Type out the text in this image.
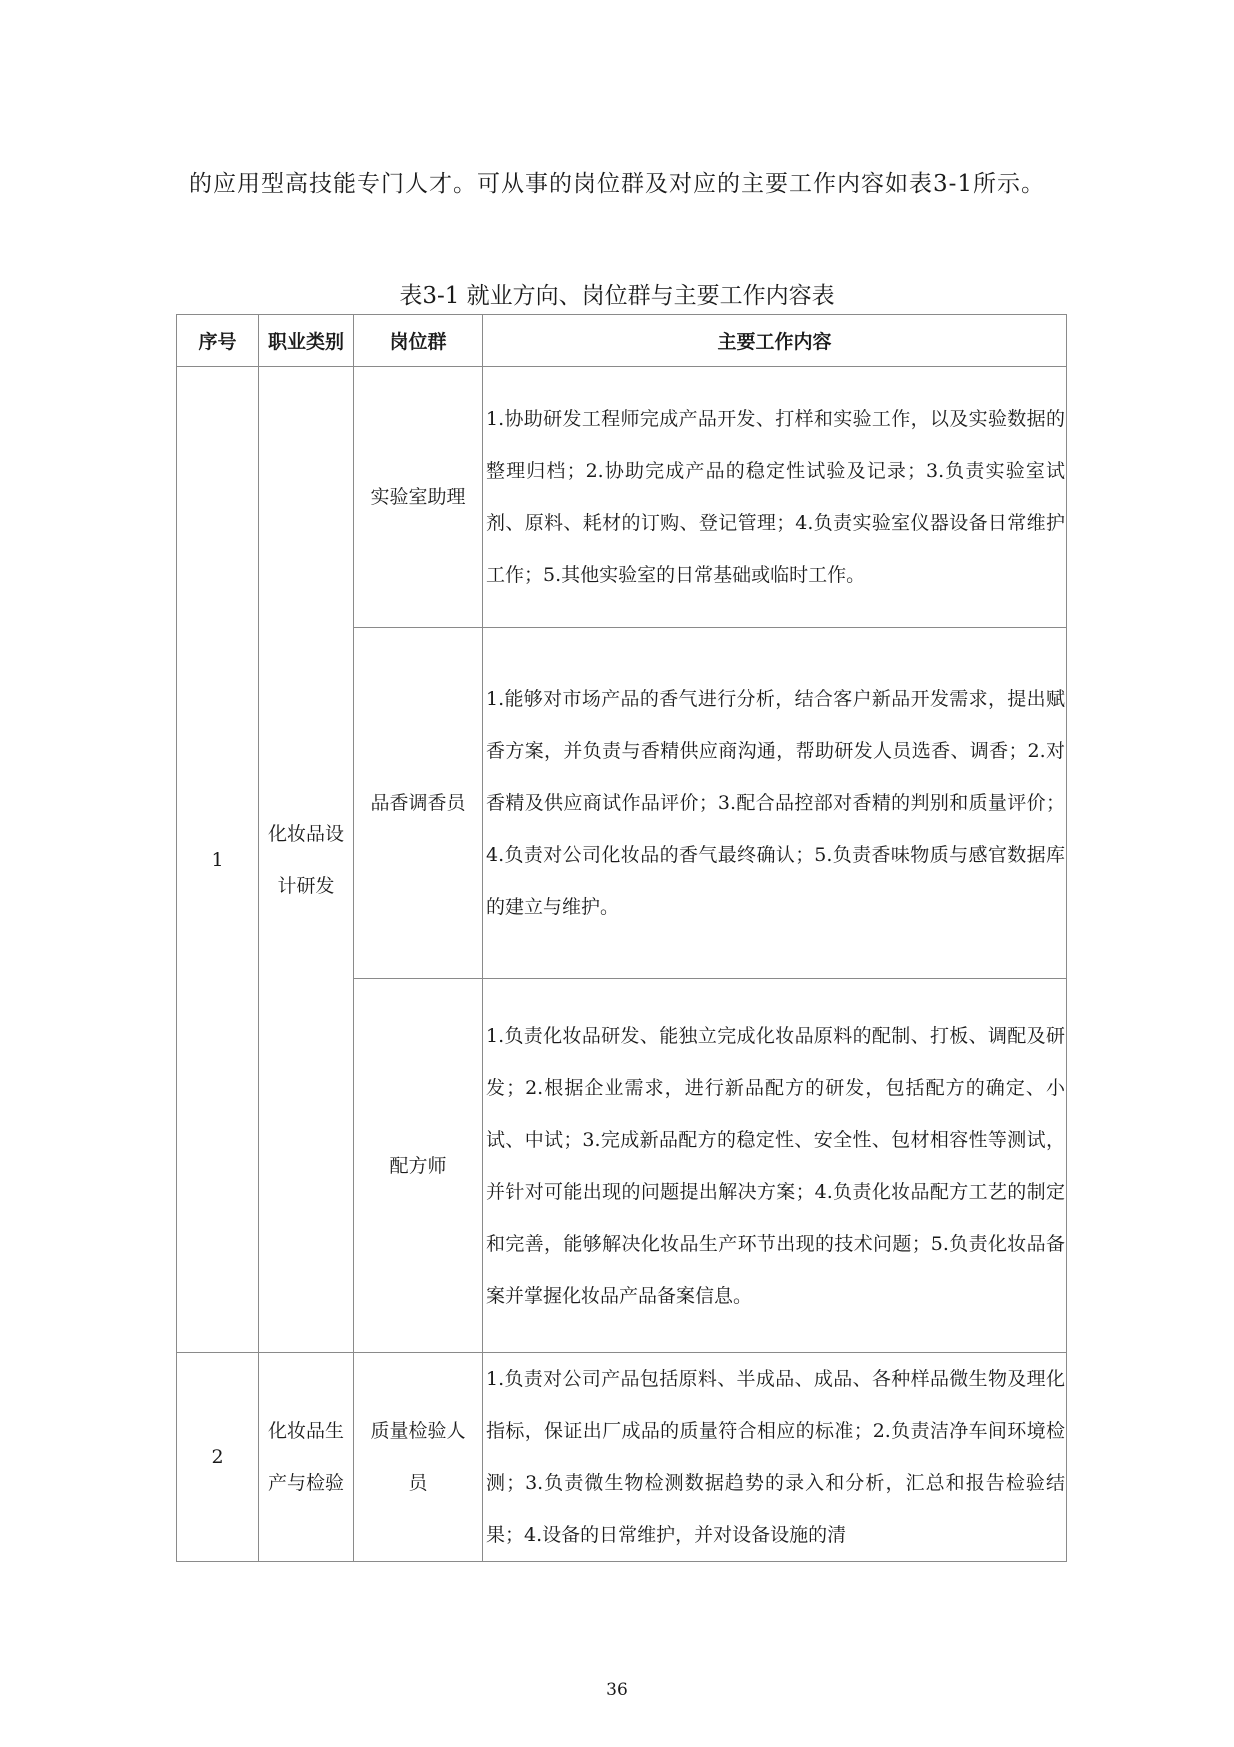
的应用型高技能专门人才。可从事的岗位群及对应的主要工作内容如表3-1所示。

表3-1 就业方向、岗位群与主要工作内容表

序号	职业类别	岗位群	主要工作内容
1	化妆品设计研发	实验室助理	1.协助研发工程师完成产品开发、打样和实验工作，以及实验数据的整理归档；2.协助完成产品的稳定性试验及记录；3.负责实验室试剂、原料、耗材的订购、登记管理；4.负责实验室仪器设备日常维护工作；5.其他实验室的日常基础或临时工作。
		品香调香员	1.能够对市场产品的香气进行分析，结合客户新品开发需求，提出赋香方案，并负责与香精供应商沟通，帮助研发人员选香、调香；2.对香精及供应商试作品评价；3.配合品控部对香精的判别和质量评价；4.负责对公司化妆品的香气最终确认；5.负责香味物质与感官数据库的建立与维护。
		配方师	1.负责化妆品研发、能独立完成化妆品原料的配制、打板、调配及研发；2.根据企业需求，进行新品配方的研发，包括配方的确定、小试、中试；3.完成新品配方的稳定性、安全性、包材相容性等测试，并针对可能出现的问题提出解决方案；4.负责化妆品配方工艺的制定和完善，能够解决化妆品生产环节出现的技术问题；5.负责化妆品备案并掌握化妆品产品备案信息。
2	化妆品生产与检验	质量检验人员	1.负责对公司产品包括原料、半成品、成品、各种样品微生物及理化指标，保证出厂成品的质量符合相应的标准；2.负责洁净车间环境检测；3.负责微生物检测数据趋势的录入和分析，汇总和报告检验结果；4.设备的日常维护，并对设备设施的清

36
